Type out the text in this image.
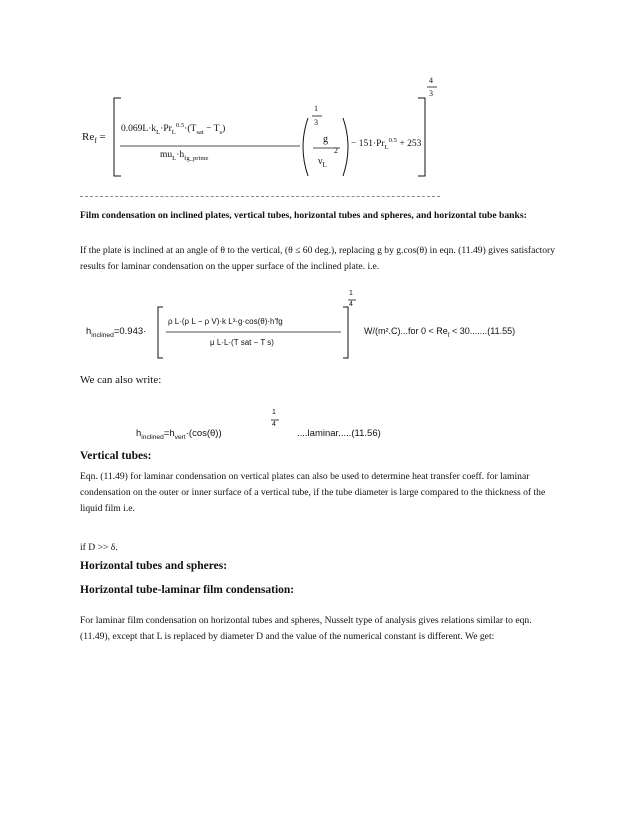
$Re_f$ =
$0.069L\cdot k_L\cdot Pr_L^{0.5}\cdot(T_{sat} - T_s)$
$mu_L\cdot h_{fg\_prime}$
g
2
$\nu_L$
1
3
− $151\cdot Pr_L^{0.5} + 253$
4
3
Film condensation on inclined plates, vertical tubes, horizontal tubes and spheres, and horizontal tube banks:
If the plate is inclined at an angle of θ to the vertical, (θ ≤ 60 deg.), replacing g by g.cos(θ) in eqn. (11.49) gives satisfactory results for laminar condensation on the upper surface of the inclined plate. i.e.
$h_{inclined}=0.943\cdot$
ρ L·(ρ L − ρ V)·k L³·g·cos(θ)·h'fg
μ L·L·(T sat − T s)
1
4
W/(m².C)...for $0 < Re_f < 30.......(11.55)$
We can also write:
$h_{inclined}=h_{vert}\cdot(\cos(\theta))$
1
4
....laminar.....(11.56)
Vertical tubes:
Eqn. (11.49) for laminar condensation on vertical plates can also be used to determine heat transfer coeff. for laminar condensation on the outer or inner surface of a vertical tube, if the tube diameter is large compared to the thickness of the liquid film i.e.
if D >> δ.
Horizontal tubes and spheres:
Horizontal tube-laminar film condensation:
For laminar film condensation on horizontal tubes and spheres, Nusselt type of analysis gives relations similar to eqn. (11.49), except that L is replaced by diameter D and the value of the numerical constant is different. We get:
